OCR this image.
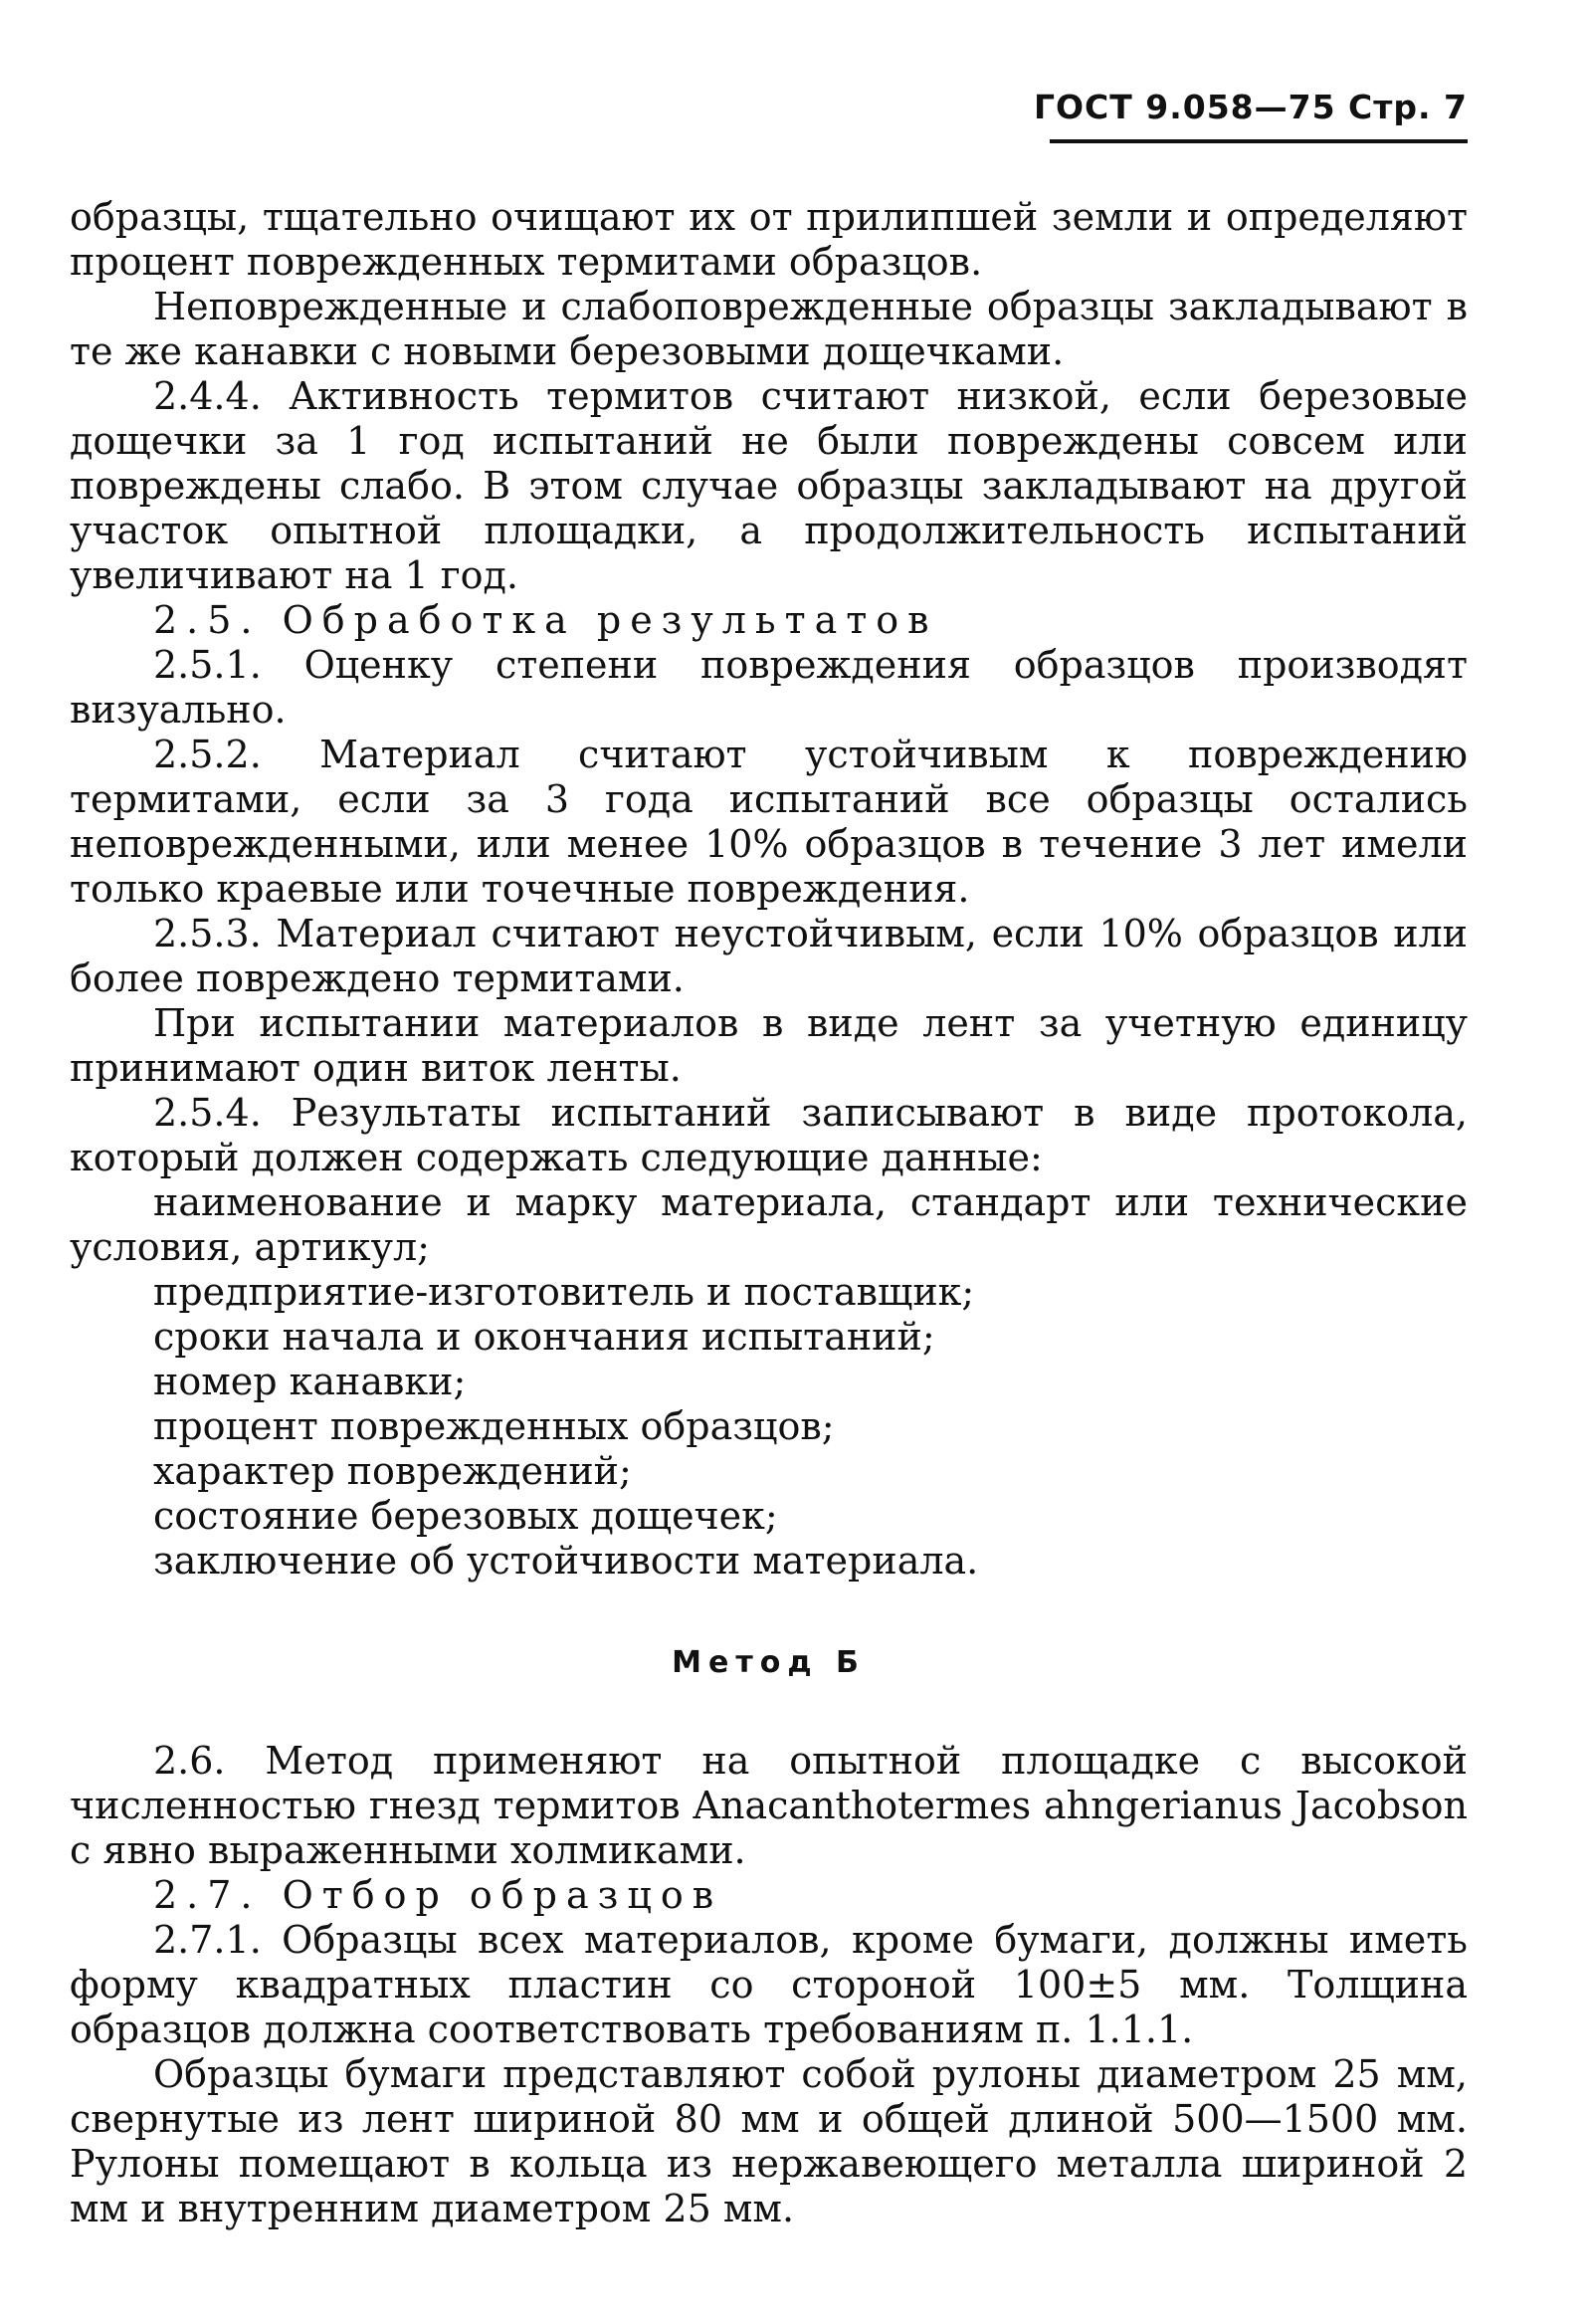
ГОСТ 9.058—75 Стр. 7

образцы, тщательно очищают их от прилипшей земли и определяют процент поврежденных термитами образцов.

Неповрежденные и слабоповрежденные образцы закладывают в те же канавки с новыми березовыми дощечками.

2.4.4. Активность термитов считают низкой, если березовые дощечки за 1 год испытаний не были повреждены совсем или повреждены слабо. В этом случае образцы закладывают на другой участок опытной площадки, а продолжительность испытаний увеличивают на 1 год.

2.5. Обработка результатов

2.5.1. Оценку степени повреждения образцов производят визуально.

2.5.2. Материал считают устойчивым к повреждению термитами, если за 3 года испытаний все образцы остались неповрежденными, или менее 10% образцов в течение 3 лет имели только краевые или точечные повреждения.

2.5.3. Материал считают неустойчивым, если 10% образцов или более повреждено термитами.

При испытании материалов в виде лент за учетную единицу принимают один виток ленты.

2.5.4. Результаты испытаний записывают в виде протокола, который должен содержать следующие данные:

наименование и марку материала, стандарт или технические условия, артикул;

предприятие-изготовитель и поставщик;

сроки начала и окончания испытаний;

номер канавки;

процент поврежденных образцов;

характер повреждений;

состояние березовых дощечек;

заключение об устойчивости материала.

Метод Б

2.6. Метод применяют на опытной площадке с высокой численностью гнезд термитов Anacanthotermes ahngerianus Jacobson с явно выраженными холмиками.

2.7. Отбор образцов

2.7.1. Образцы всех материалов, кроме бумаги, должны иметь форму квадратных пластин со стороной 100±5 мм. Толщина образцов должна соответствовать требованиям п. 1.1.1.

Образцы бумаги представляют собой рулоны диаметром 25 мм, свернутые из лент шириной 80 мм и общей длиной 500—1500 мм. Рулоны помещают в кольца из нержавеющего металла шириной 2 мм и внутренним диаметром 25 мм.
